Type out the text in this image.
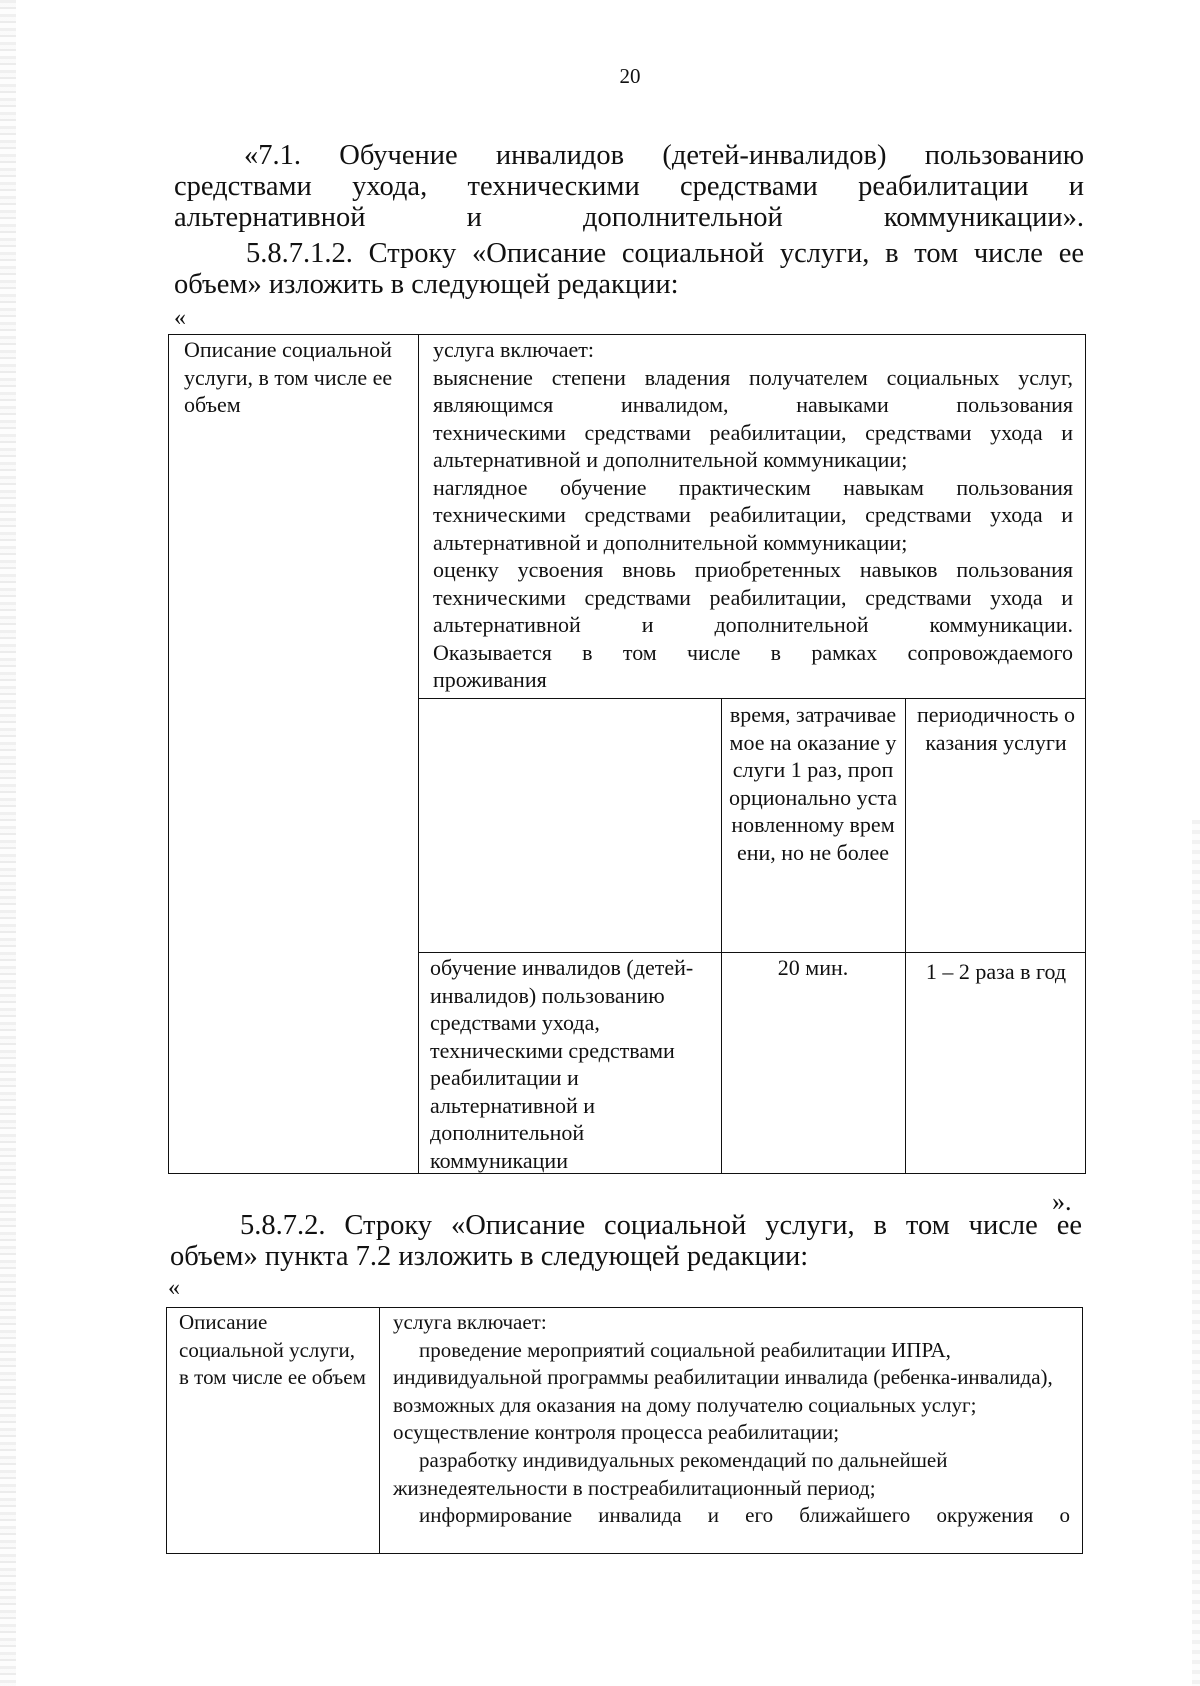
20

«7.1. Обучение инвалидов (детей-инвалидов) пользованию средствами ухода, техническими средствами реабилитации и альтернативной и дополнительной коммуникации».

5.8.7.1.2. Строку «Описание социальной услуги, в том числе ее объем» изложить в следующей редакции:

«

Описание социальной услуги, в том числе ее объем

услуга включает:
выяснение степени владения получателем социальных услуг,
являющимся инвалидом, навыками пользования
техническими средствами реабилитации, средствами ухода и
альтернативной и дополнительной коммуникации;
наглядное обучение практическим навыкам пользования
техническими средствами реабилитации, средствами ухода и
альтернативной и дополнительной коммуникации;
оценку усвоения вновь приобретенных навыков пользования
техническими средствами реабилитации, средствами ухода и
альтернативной и дополнительной коммуникации.
Оказывается в том числе в рамках сопровождаемого
проживания

время, затрачиваемое на оказание услуги 1 раз, пропорционально установленному времени, но не более

периодичность оказания услуги

обучение инвалидов (детей-инвалидов) пользованию средствами ухода, техническими средствами реабилитации и альтернативной и дополнительной коммуникации

20 мин.	1 – 2 раза в год

».

5.8.7.2. Строку «Описание социальной услуги, в том числе ее объем» пункта 7.2 изложить в следующей редакции:

«

Описание социальной услуги, в том числе ее объем

услуга включает:

проведение мероприятий социальной реабилитации ИПРА, индивидуальной программы реабилитации инвалида (ребенка-инвалида), возможных для оказания на дому получателю социальных услуг; осуществление контроля процесса реабилитации;

разработку индивидуальных рекомендаций по дальнейшей жизнедеятельности в постреабилитационный период;

информирование инвалида и его ближайшего окружения о
